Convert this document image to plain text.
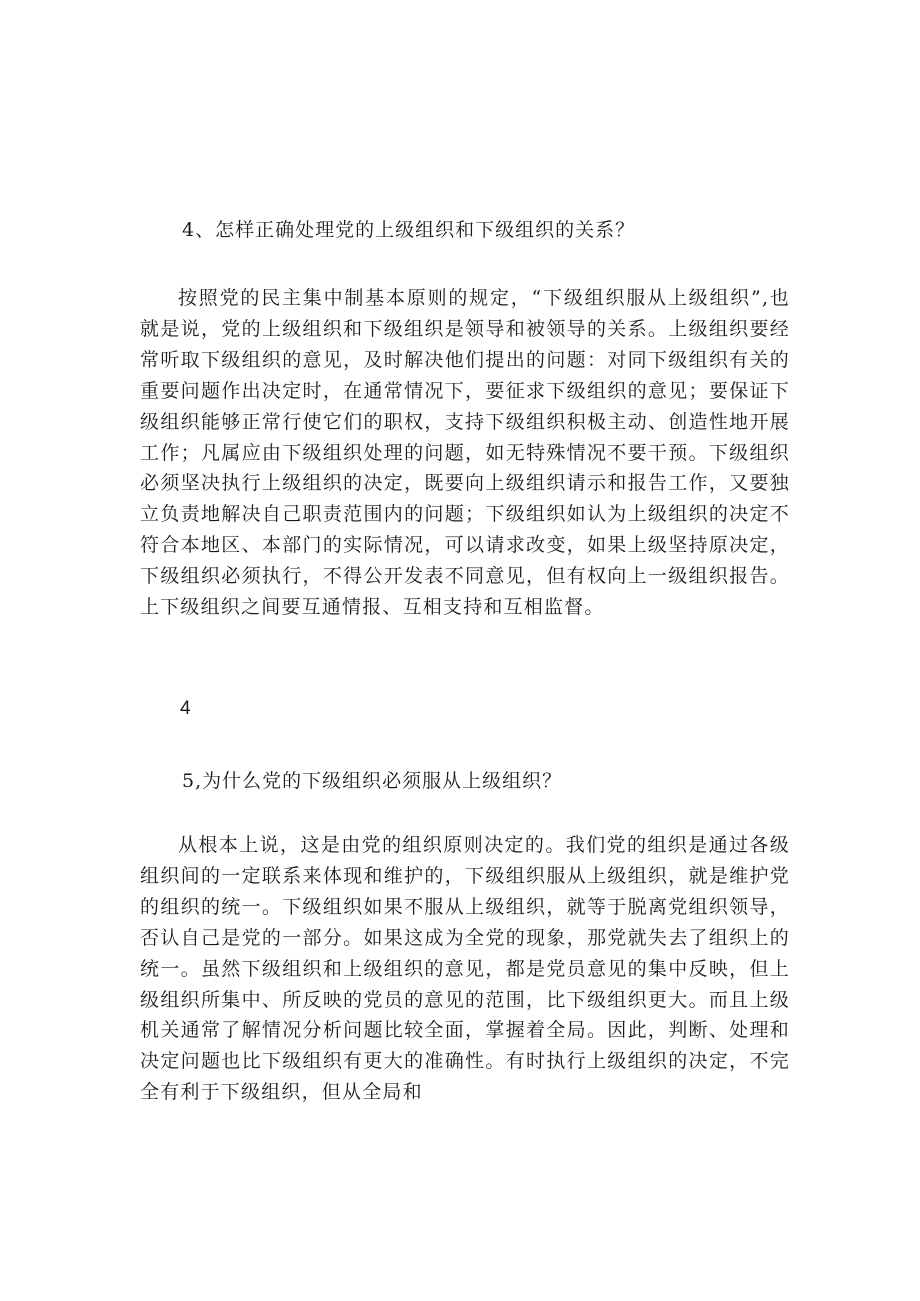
4、怎样正确处理党的上级组织和下级组织的关系？

按照党的民主集中制基本原则的规定，“下级组织服从上级组织”,也就是说，党的上级组织和下级组织是领导和被领导的关系。上级组织要经常听取下级组织的意见，及时解决他们提出的问题：对同下级组织有关的重要问题作出决定时，在通常情况下，要征求下级组织的意见；要保证下级组织能够正常行使它们的职权，支持下级组织积极主动、创造性地开展工作；凡属应由下级组织处理的问题，如无特殊情况不要干预。下级组织必须坚决执行上级组织的决定，既要向上级组织请示和报告工作，又要独立负责地解决自己职责范围内的问题；下级组织如认为上级组织的决定不符合本地区、本部门的实际情况，可以请求改变，如果上级坚持原决定，下级组织必须执行，不得公开发表不同意见，但有权向上一级组织报告。上下级组织之间要互通情报、互相支持和互相监督。

4
5,为什么党的下级组织必须服从上级组织？

从根本上说，这是由党的组织原则决定的。我们党的组织是通过各级组织间的一定联系来体现和维护的，下级组织服从上级组织，就是维护党的组织的统一。下级组织如果不服从上级组织，就等于脱离党组织领导，否认自己是党的一部分。如果这成为全党的现象，那党就失去了组织上的统一。虽然下级组织和上级组织的意见，都是党员意见的集中反映，但上级组织所集中、所反映的党员的意见的范围，比下级组织更大。而且上级机关通常了解情况分析问题比较全面，掌握着全局。因此，判断、处理和决定问题也比下级组织有更大的准确性。有时执行上级组织的决定，不完全有利于下级组织，但从全局和
